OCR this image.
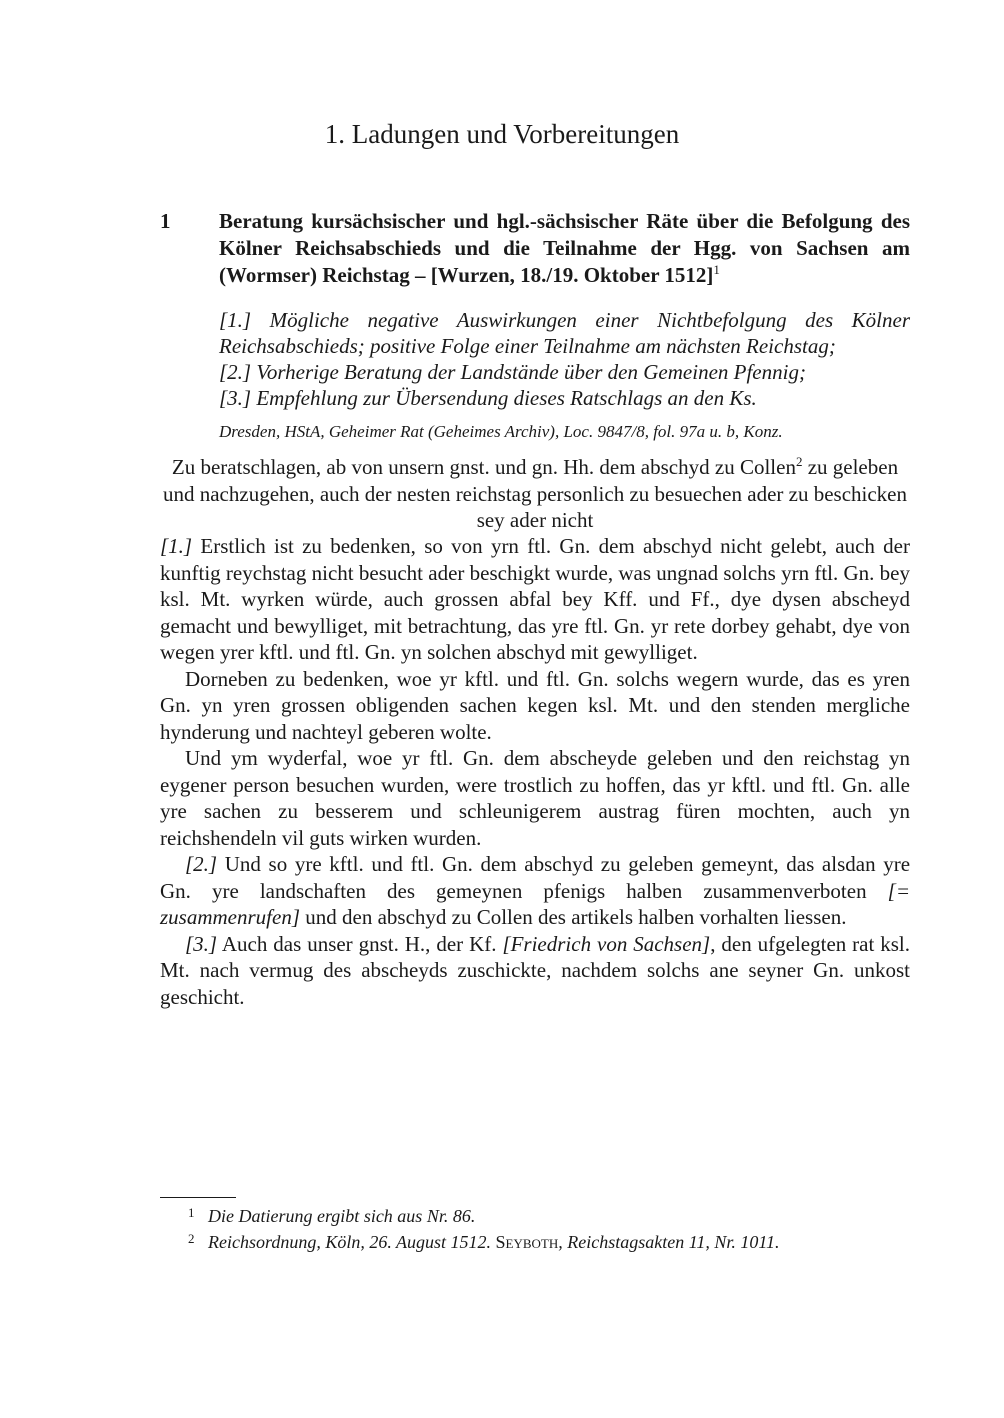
1. Ladungen und Vorbereitungen
1 Beratung kursächsischer und hgl.-sächsischer Räte über die Befolgung des Kölner Reichsabschieds und die Teilnahme der Hgg. von Sachsen am (Wormser) Reichstag – [Wurzen, 18./19. Oktober 1512]$^1$
[1.] Mögliche negative Auswirkungen einer Nichtbefolgung des Kölner Reichsabschieds; positive Folge einer Teilnahme am nächsten Reichstag;
[2.] Vorherige Beratung der Landstände über den Gemeinen Pfennig;
[3.] Empfehlung zur Übersendung dieses Ratschlags an den Ks.
Dresden, HStA, Geheimer Rat (Geheimes Archiv), Loc. 9847/8, fol. 97a u. b, Konz.
Zu beratschlagen, ab von unsern gnst. und gn. Hh. dem abschyd zu Collen$^2$ zu geleben und nachzugehen, auch der nesten reichstag personlich zu besuechen ader zu beschicken sey ader nicht

[1.] Erstlich ist zu bedenken, so von yrn ftl. Gn. dem abschyd nicht gelebt, auch der kunftig reychstag nicht besucht ader beschigkt wurde, was ungnad solchs yrn ftl. Gn. bey ksl. Mt. wyrken würde, auch grossen abfal bey Kff. und Ff., dye dysen abscheyd gemacht und bewylliget, mit betrachtung, das yre ftl. Gn. yr rete dorbey gehabt, dye von wegen yrer kftl. und ftl. Gn. yn solchen abschyd mit gewylliget.

Dorneben zu bedenken, woe yr kftl. und ftl. Gn. solchs wegern wurde, das es yren Gn. yn yren grossen obligenden sachen kegen ksl. Mt. und den stenden mergliche hynderung und nachteyl geberen wolte.

Und ym wyderfal, woe yr ftl. Gn. dem abscheyde geleben und den reichstag yn eygener person besuchen wurden, were trostlich zu hoffen, das yr kftl. und ftl. Gn. alle yre sachen zu besserem und schleunigerem austrag füren mochten, auch yn reichshendeln vil guts wirken wurden.

[2.] Und so yre kftl. und ftl. Gn. dem abschyd zu geleben gemeynt, das alsdan yre Gn. yre landschaften des gemeynen pfenigs halben zusammenverboten [= zusammenrufen] und den abschyd zu Collen des artikels halben vorhalten liessen.

[3.] Auch das unser gnst. H., der Kf. [Friedrich von Sachsen], den ufgelegten rat ksl. Mt. nach vermug des abscheyds zuschickte, nachdem solchs ane seyner Gn. unkost geschicht.

1 Die Datierung ergibt sich aus Nr. 86.
2 Reichsordnung, Köln, 26. August 1512. Seyboth, Reichstagsakten 11, Nr. 1011.
